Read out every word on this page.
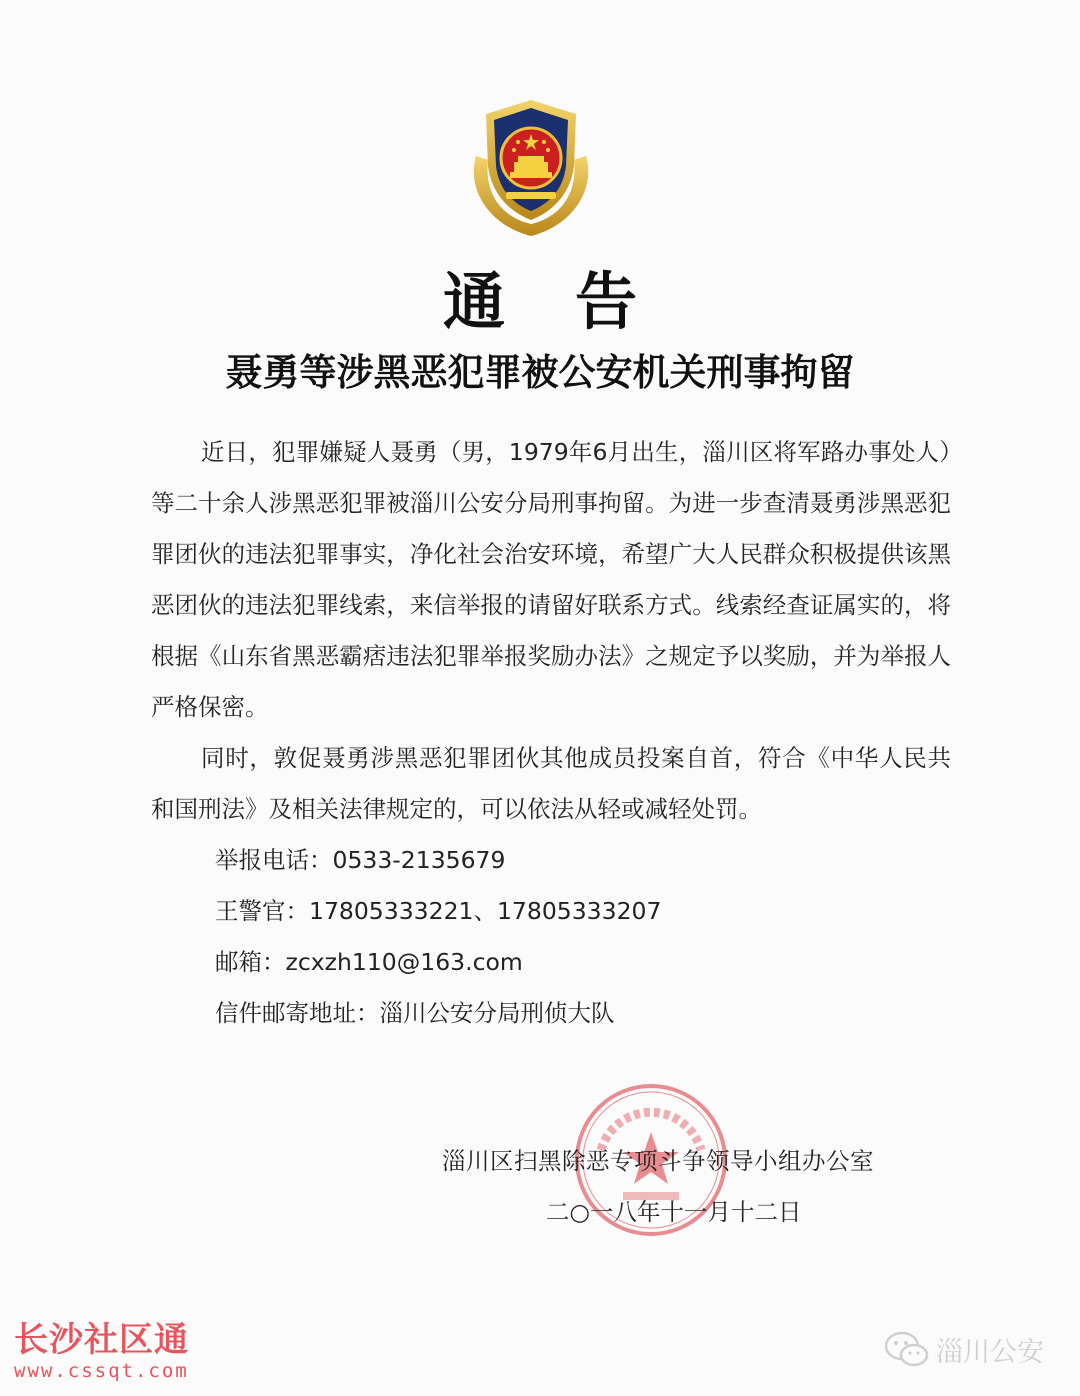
通告
聂勇等涉黑恶犯罪被公安机关刑事拘留

近日，犯罪嫌疑人聂勇（男，1979年6月出生，淄川区将军路办事处人）等二十余人涉黑恶犯罪被淄川公安分局刑事拘留。为进一步查清聂勇涉黑恶犯罪团伙的违法犯罪事实，净化社会治安环境，希望广大人民群众积极提供该黑恶团伙的违法犯罪线索，来信举报的请留好联系方式。线索经查证属实的，将根据《山东省黑恶霸痞违法犯罪举报奖励办法》之规定予以奖励，并为举报人严格保密。

同时，敦促聂勇涉黑恶犯罪团伙其他成员投案自首，符合《中华人民共和国刑法》及相关法律规定的，可以依法从轻或减轻处罚。

举报电话：0533-2135679

王警官：17805333221、17805333207

邮箱：zcxzh110@163.com

信件邮寄地址：淄川公安分局刑侦大队

淄川区扫黑除恶专项斗争领导小组办公室
二○一八年十一月十二日
长沙社区通
www.cssqt.com
淄川公安
